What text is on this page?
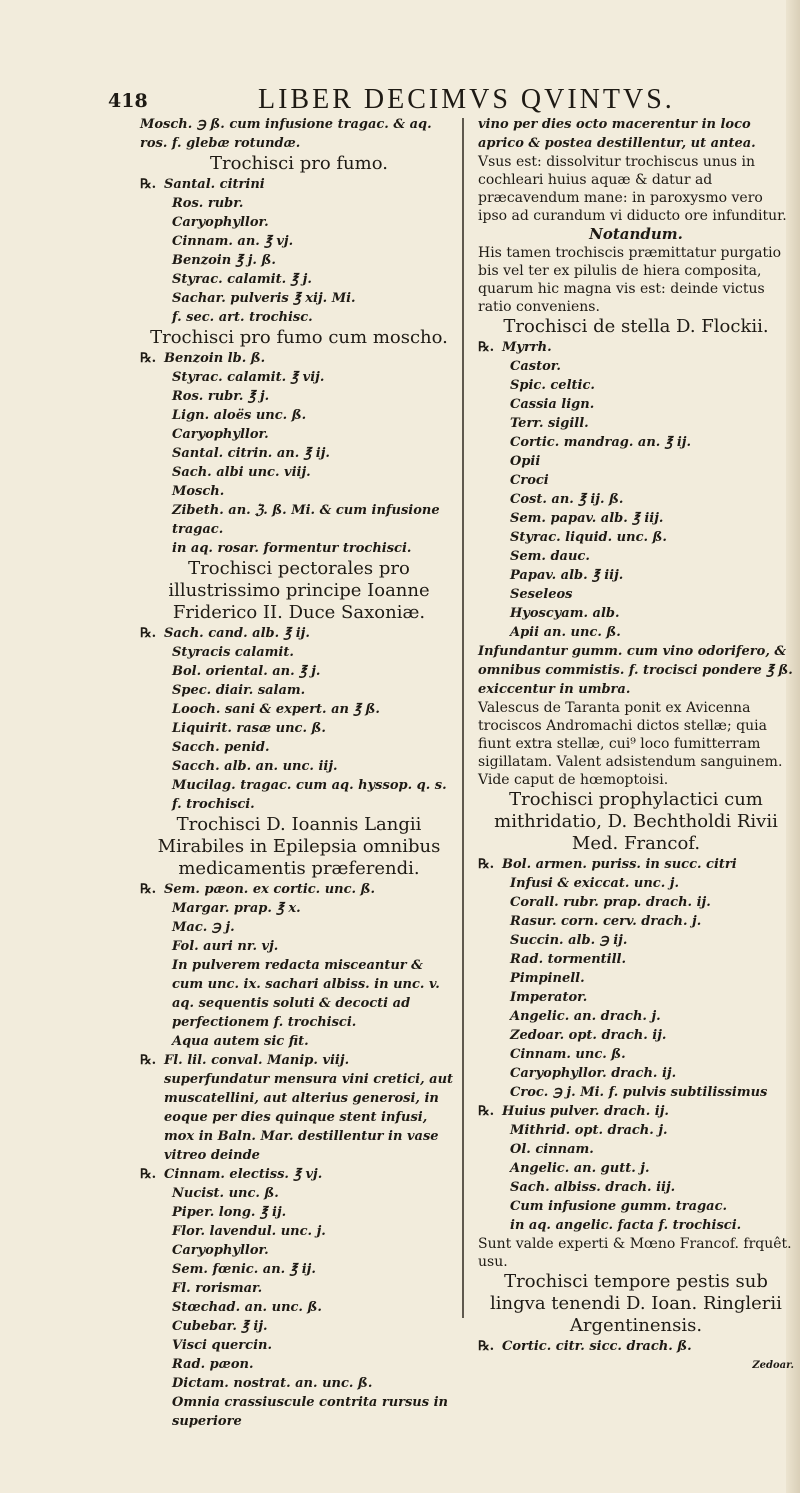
418	LIBER DECIMVS QVINTVS.

Mosch. ℈ ß. cum infusione tragac. & aq. ros. f. glebæ rotundæ.

Trochisci pro fumo.

℞. Santal. citrini

Ros. rubr.

Caryophyllor.

Cinnam. an. ℥ vj.

Benzoin ℥ j. ß.

Styrac. calamit. ℥ j.

Sachar. pulveris ℥ xij. Mi.

f. sec. art. trochisc.

Trochisci pro fumo cum moscho.

℞. Benzoin lb. ß.

Styrac. calamit. ℥ vij.

Ros. rubr. ℥ j.

Lign. aloës unc. ß.

Caryophyllor.

Santal. citrin. an. ℥ ij.

Sach. albi unc. viij.

Mosch.

Zibeth. an. ℨ. ß. Mi. & cum infusione tragac.

in aq. rosar. formentur trochisci.

Trochisci pectorales pro illustrissimo principe Ioanne Friderico II. Duce Saxoniæ.

℞. Sach. cand. alb. ℥ ij.

Styracis calamit.

Bol. oriental. an. ℥ j.

Spec. diair. salam.

Looch. sani & expert. an ℥ ß.

Liquirit. rasæ unc. ß.

Sacch. penid.

Sacch. alb. an. unc. iij.

Mucilag. tragac. cum aq. hyssop. q. s. f. trochisci.

Trochisci D. Ioannis Langii Mirabiles in Epilepsia omnibus medicamentis præferendi.

℞. Sem. pæon. ex cortic. unc. ß.

Margar. prap. ℥ x.

Mac. ℈ j.

Fol. auri nr. vj.

In pulverem redacta misceantur & cum unc. ix. sachari albiss. in unc. v. aq. sequentis soluti & decocti ad perfectionem f. trochisci.

Aqua autem sic fit.

℞. Fl. lil. conval. Manip. viij. superfundatur mensura vini cretici, aut muscatellini, aut alterius generosi, in eoque per dies quinque stent infusi, mox in Baln. Mar. destillentur in vase vitreo deinde

℞. Cinnam. electiss. ℥ vj.

Nucist. unc. ß.

Piper. long. ℥ ij.

Flor. lavendul. unc. j.

Caryophyllor.

Sem. fœnic. an. ℥ ij.

Fl. rorismar.

Stœchad. an. unc. ß.

Cubebar. ℥ ij.

Visci quercin.

Rad. pæon.

Dictam. nostrat. an. unc. ß.

Omnia crassiuscule contrita rursus in superiore

vino per dies octo macerentur in loco aprico & postea destillentur, ut antea.

Vsus est: dissolvitur trochiscus unus in cochleari huius aquæ & datur ad præcavendum mane: in paroxysmo vero ipso ad curandum vi diducto ore infunditur.

Notandum.

His tamen trochiscis præmittatur purgatio bis vel ter ex pilulis de hiera composita, quarum hic magna vis est: deinde victus ratio conveniens.

Trochisci de stella D. Flockii.

℞. Myrrh.

Castor.

Spic. celtic.

Cassia lign.

Terr. sigill.

Cortic. mandrag. an. ℥ ij.

Opii

Croci

Cost. an. ℥ ij. ß.

Sem. papav. alb. ℥ iij.

Styrac. liquid. unc. ß.

Sem. dauc.

Papav. alb. ℥ iij.

Seseleos

Hyoscyam. alb.

Apii an. unc. ß.

Infundantur gumm. cum vino odorifero, & omnibus commistis. f. trocisci pondere ℥ ß. exiccentur in umbra.

Valescus de Taranta ponit ex Avicenna trociscos Andromachi dictos stellæ; quia fiunt extra stellæ, cui⁹ loco fumitterram sigillatam. Valent adsistendum sanguinem. Vide caput de hœmoptoisi.

Trochisci prophylactici cum mithridatio, D. Bechtholdi Rivii Med. Francof.

℞. Bol. armen. puriss. in succ. citri

Infusi & exiccat. unc. j.

Corall. rubr. prap. drach. ij.

Rasur. corn. cerv. drach. j.

Succin. alb. ℈ ij.

Rad. tormentill.

Pimpinell.

Imperator.

Angelic. an. drach. j.

Zedoar. opt. drach. ij.

Cinnam. unc. ß.

Caryophyllor. drach. ij.

Croc. ℈ j. Mi. f. pulvis subtilissimus

℞. Huius pulver. drach. ij.

Mithrid. opt. drach. j.

Ol. cinnam.

Angelic. an. gutt. j.

Sach. albiss. drach. iij.

Cum infusione gumm. tragac.

in aq. angelic. facta f. trochisci.

Sunt valde experti & Mœno Francof. frquêt. usu.

Trochisci tempore pestis sub lingva tenendi D. Ioan. Ringlerii Argentinensis.

℞. Cortic. citr. sicc. drach. ß.

Zedoar.
